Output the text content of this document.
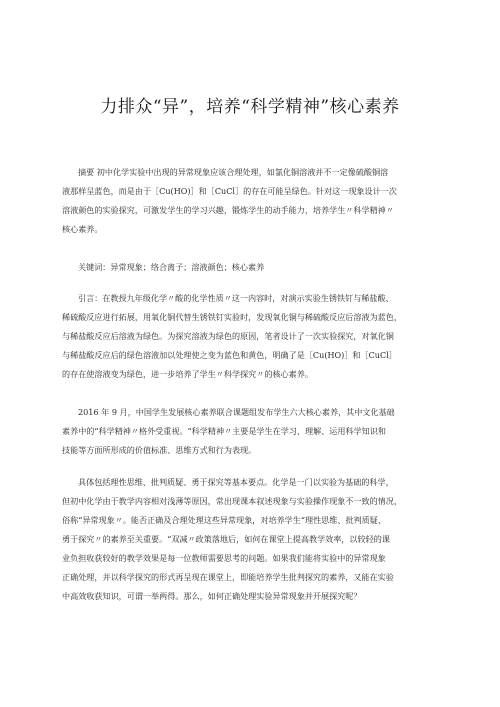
力排众“异”，培养“科学精神”核心素养
摘要 初中化学实验中出现的异常现象应该合理处理，如氯化铜溶液并不一定像硫酸铜溶
液那样呈蓝色，而是由于［Cu(HO)］和［CuCl］的存在可能呈绿色。针对这一现象设计一次
溶液颜色的实验探究，可激发学生的学习兴趣，锻炼学生的动手能力，培养学生〃科学精神〃
核心素养。
关键词：异常现象；络合离子；溶液颜色；核心素养
引言：在教授九年级化学〃酸的化学性质〃这一内容时，对演示实验生锈铁钉与稀盐酸、
稀硫酸反应进行拓展，用氧化铜代替生锈铁钉实验时，发现氧化铜与稀硫酸反应后溶液为蓝色，
与稀盐酸反应后溶液为绿色。为探究溶液为绿色的原因，笔者设计了一次实验探究，对氧化铜
与稀盐酸反应后的绿色溶液加以处理使之变为蓝色和黄色，明确了是［Cu(HO)］和［CuCl］
的存在使溶液变为绿色，进一步培养了学生〃科学探究〃的核心素养。
2016 年 9 月，中国学生发展核心素养联合课题组发布学生六大核心素养，其中文化基础
素养中的“科学精神〃格外受重视。“科学精神〃主要是学生在学习、理解、运用科学知识和
技能等方面所形成的价值标准、思维方式和行为表现。
具体包括理性思维、批判质疑、勇于探究等基本要点。化学是一门以实验为基础的科学，
但初中化学由于教学内容相对浅薄等原因，常出现课本叙述现象与实验操作现象不一致的情况，
俗称“异常现象〃。能否正确及合理处理这些异常现象，对培养学生“理性思维、批判质疑、
勇于探究〃的素养至关重要。“双减〃政策落地后，如何在课堂上提高教学效率，以较轻的课
业负担收获较好的教学效果是每一位教师需要思考的问题。如果我们能将实验中的异常现象
正确处理，并以科学探究的形式再呈现在课堂上，即能培养学生批判探究的素养，又能在实验
中高效收获知识，可谓一举两得。那么，如何正确处理实验异常现象并开展探究呢？
